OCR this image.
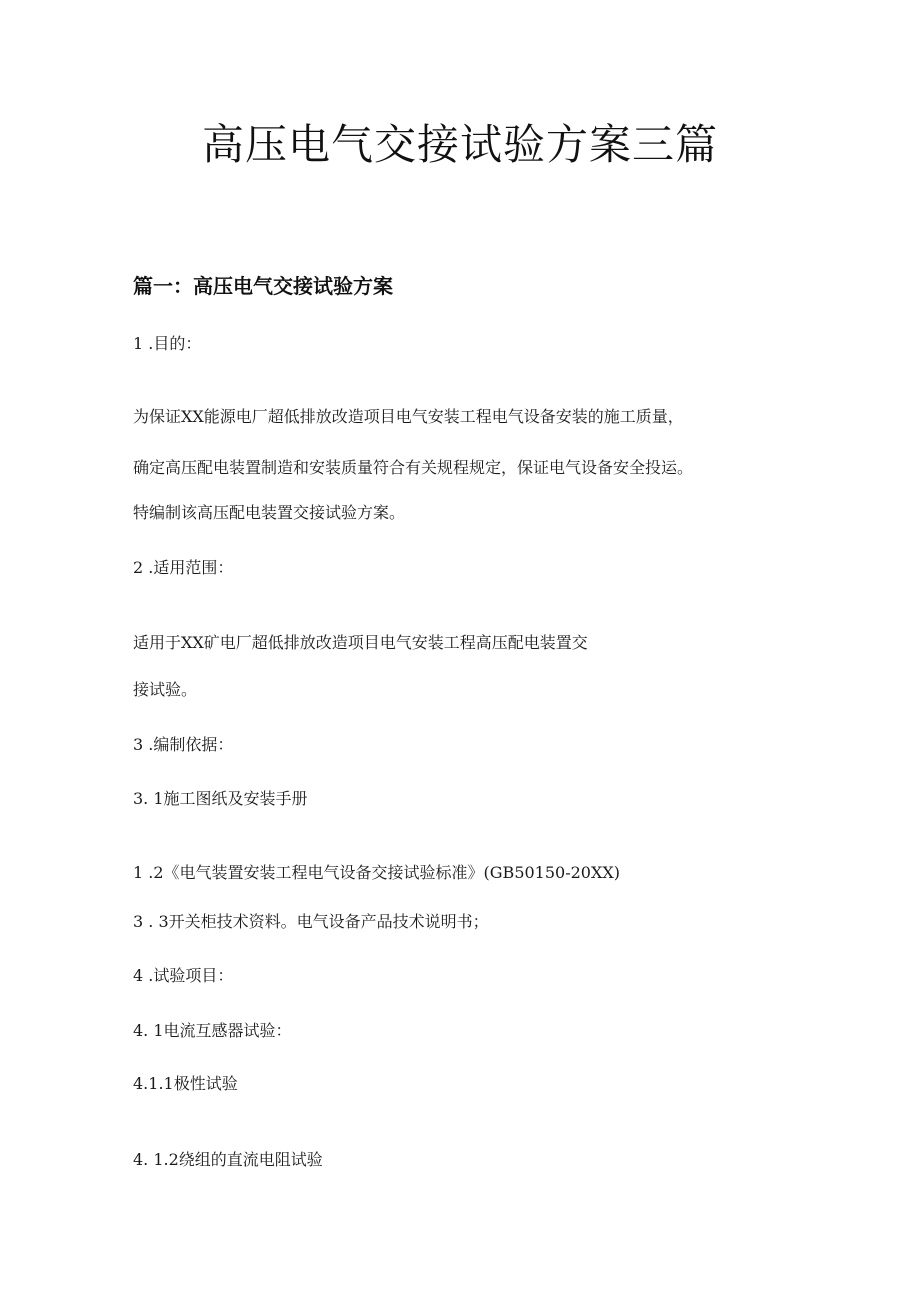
高压电气交接试验方案三篇
篇一：高压电气交接试验方案

1 .目的：

为保证XX能源电厂超低排放改造项目电气安装工程电气设备安装的施工质量，

确定高压配电装置制造和安装质量符合有关规程规定，保证电气设备安全投运。

特编制该高压配电装置交接试验方案。

2 .适用范围：

适用于XX矿电厂超低排放改造项目电气安装工程高压配电装置交

接试验。

3 .编制依据：

3. 1施工图纸及安装手册

1 .2《电气装置安装工程电气设备交接试验标准》(GB50150-20XX)

3 . 3开关柜技术资料。电气设备产品技术说明书；

4 .试验项目：

4. 1电流互感器试验：

4.1.1极性试验

4. 1.2绕组的直流电阻试验
